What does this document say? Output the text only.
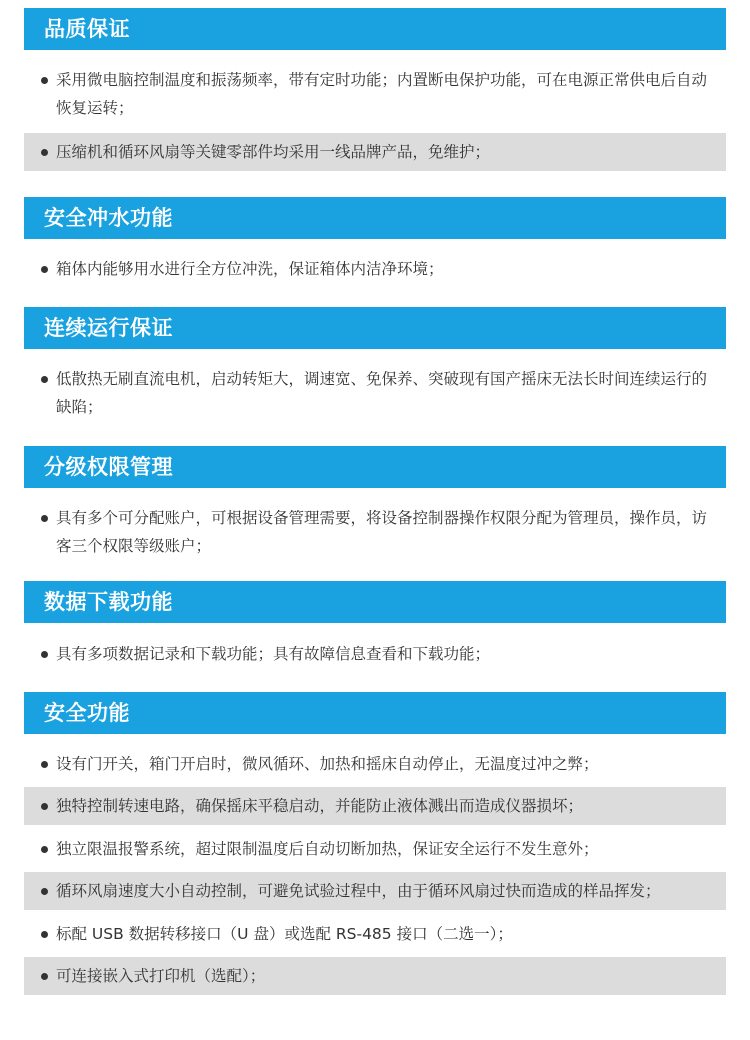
品质保证
采用微电脑控制温度和振荡频率，带有定时功能；内置断电保护功能，可在电源正常供电后自动恢复运转；
压缩机和循环风扇等关键零部件均采用一线品牌产品，免维护；
安全冲水功能
箱体内能够用水进行全方位冲洗，保证箱体内洁净环境；
连续运行保证
低散热无刷直流电机，启动转矩大，调速宽、免保养、突破现有国产摇床无法长时间连续运行的缺陷；
分级权限管理
具有多个可分配账户，可根据设备管理需要，将设备控制器操作权限分配为管理员，操作员，访客三个权限等级账户；
数据下载功能
具有多项数据记录和下载功能；具有故障信息查看和下载功能；
安全功能
设有门开关，箱门开启时，微风循环、加热和摇床自动停止，无温度过冲之弊；
独特控制转速电路，确保摇床平稳启动，并能防止液体溅出而造成仪器损坏；
独立限温报警系统，超过限制温度后自动切断加热，保证安全运行不发生意外；
循环风扇速度大小自动控制，可避免试验过程中，由于循环风扇过快而造成的样品挥发；
标配 USB 数据转移接口（U 盘）或选配 RS-485 接口（二选一）；
可连接嵌入式打印机（选配）；
